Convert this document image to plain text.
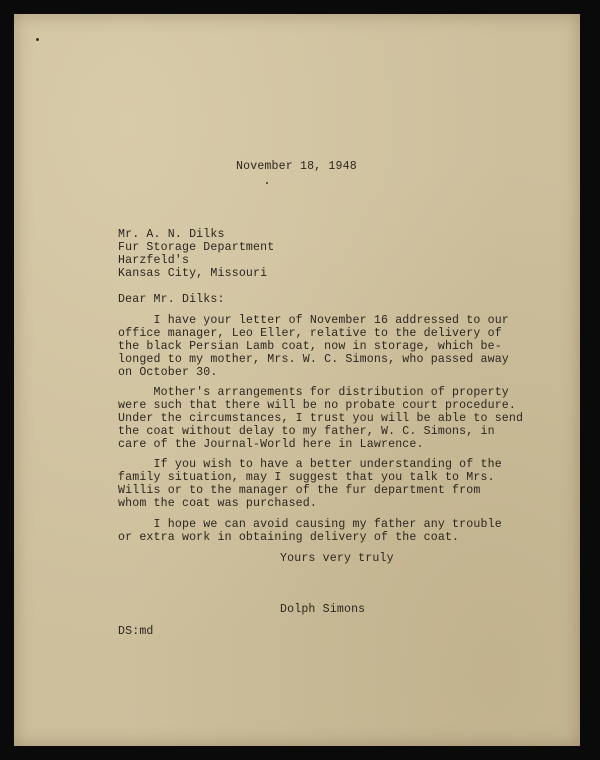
November 18, 1948
Mr. A. N. Dilks
Fur Storage Department
Harzfeld's
Kansas City, Missouri
Dear Mr. Dilks:
I have your letter of November 16 addressed to our
office manager, Leo Eller, relative to the delivery of
the black Persian Lamb coat, now in storage, which be-
longed to my mother, Mrs. W. C. Simons, who passed away
on October 30.
Mother's arrangements for distribution of property
were such that there will be no probate court procedure.
Under the circumstances, I trust you will be able to send
the coat without delay to my father, W. C. Simons, in
care of the Journal-World here in Lawrence.
If you wish to have a better understanding of the
family situation, may I suggest that you talk to Mrs.
Willis or to the manager of the fur department from
whom the coat was purchased.
I hope we can avoid causing my father any trouble
or extra work in obtaining delivery of the coat.
Yours very truly
Dolph Simons
DS:md
